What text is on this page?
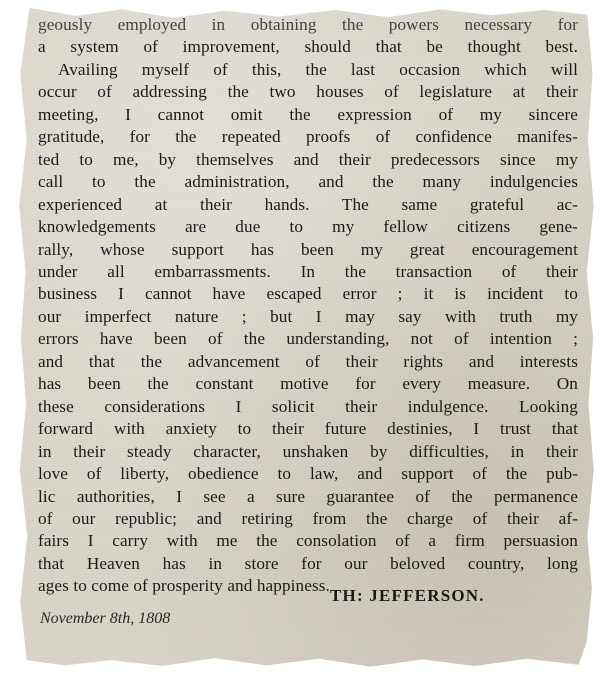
geously employed in obtaining the powers necessary for
a system of improvement, should that be thought best.
Availing myself of this, the last occasion which will
occur of addressing the two houses of legislature at their
meeting, I cannot omit the expression of my sincere
gratitude, for the repeated proofs of confidence manifes-
ted to me, by themselves and their predecessors since my
call to the administration, and the many indulgencies
experienced at their hands. The same grateful ac-
knowledgements are due to my fellow citizens gene-
rally, whose support has been my great encouragement
under all embarrassments. In the transaction of their
business I cannot have escaped error ; it is incident to
our imperfect nature ; but I may say with truth my
errors have been of the understanding, not of intention ;
and that the advancement of their rights and interests
has been the constant motive for every measure. On
these considerations I solicit their indulgence. Looking
forward with anxiety to their future destinies, I trust that
in their steady character, unshaken by difficulties, in their
love of liberty, obedience to law, and support of the pub-
lic authorities, I see a sure guarantee of the permanence
of our republic; and retiring from the charge of their af-
fairs I carry with me the consolation of a firm persuasion
that Heaven has in store for our beloved country, long
ages to come of prosperity and happiness.
TH: JEFFERSON.
November 8th, 1808
